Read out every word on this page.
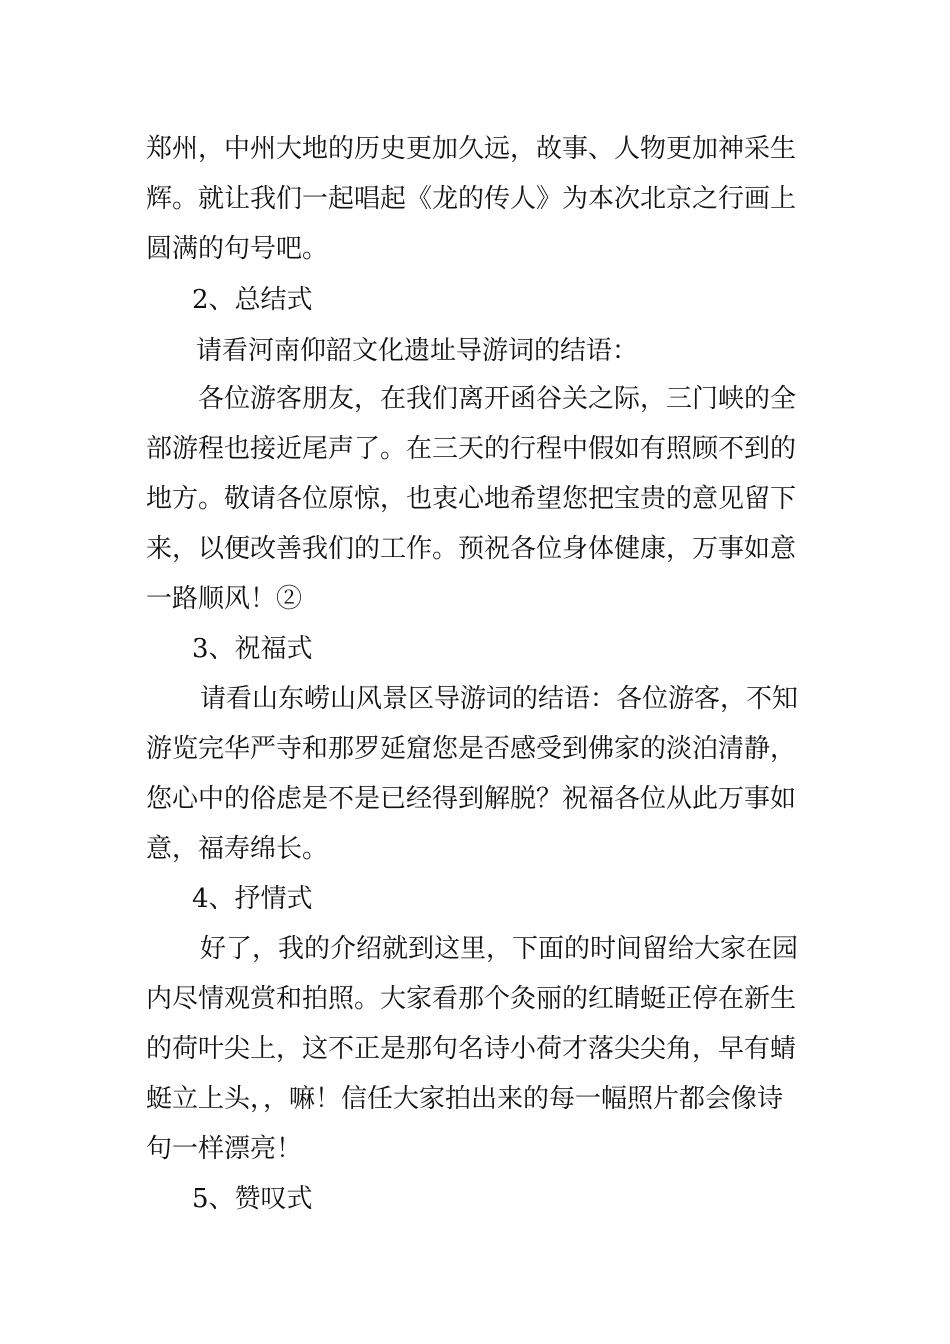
郑州，中州大地的历史更加久远，故事、人物更加神采生
辉。就让我们一起唱起《龙的传人》为本次北京之行画上
圆满的句号吧。
2、总结式
请看河南仰韶文化遗址导游词的结语：
各位游客朋友，在我们离开函谷关之际，三门峡的全
部游程也接近尾声了。在三天的行程中假如有照顾不到的
地方。敬请各位原惊，也衷心地希望您把宝贵的意见留下
来，以便改善我们的工作。预祝各位身体健康，万事如意
一路顺风！②
3、祝福式
请看山东崂山风景区导游词的结语：各位游客，不知
游览完华严寺和那罗延窟您是否感受到佛家的淡泊清静，
您心中的俗虑是不是已经得到解脱？祝福各位从此万事如
意，福寿绵长。
4、抒情式
好了，我的介绍就到这里，下面的时间留给大家在园
内尽情观赏和拍照。大家看那个灸丽的红睛蜓正停在新生
的荷叶尖上，这不正是那句名诗小荷才落尖尖角，早有蜻
蜓立上头，，嘛！信任大家拍出来的每一幅照片都会像诗
句一样漂亮！
5、赞叹式
